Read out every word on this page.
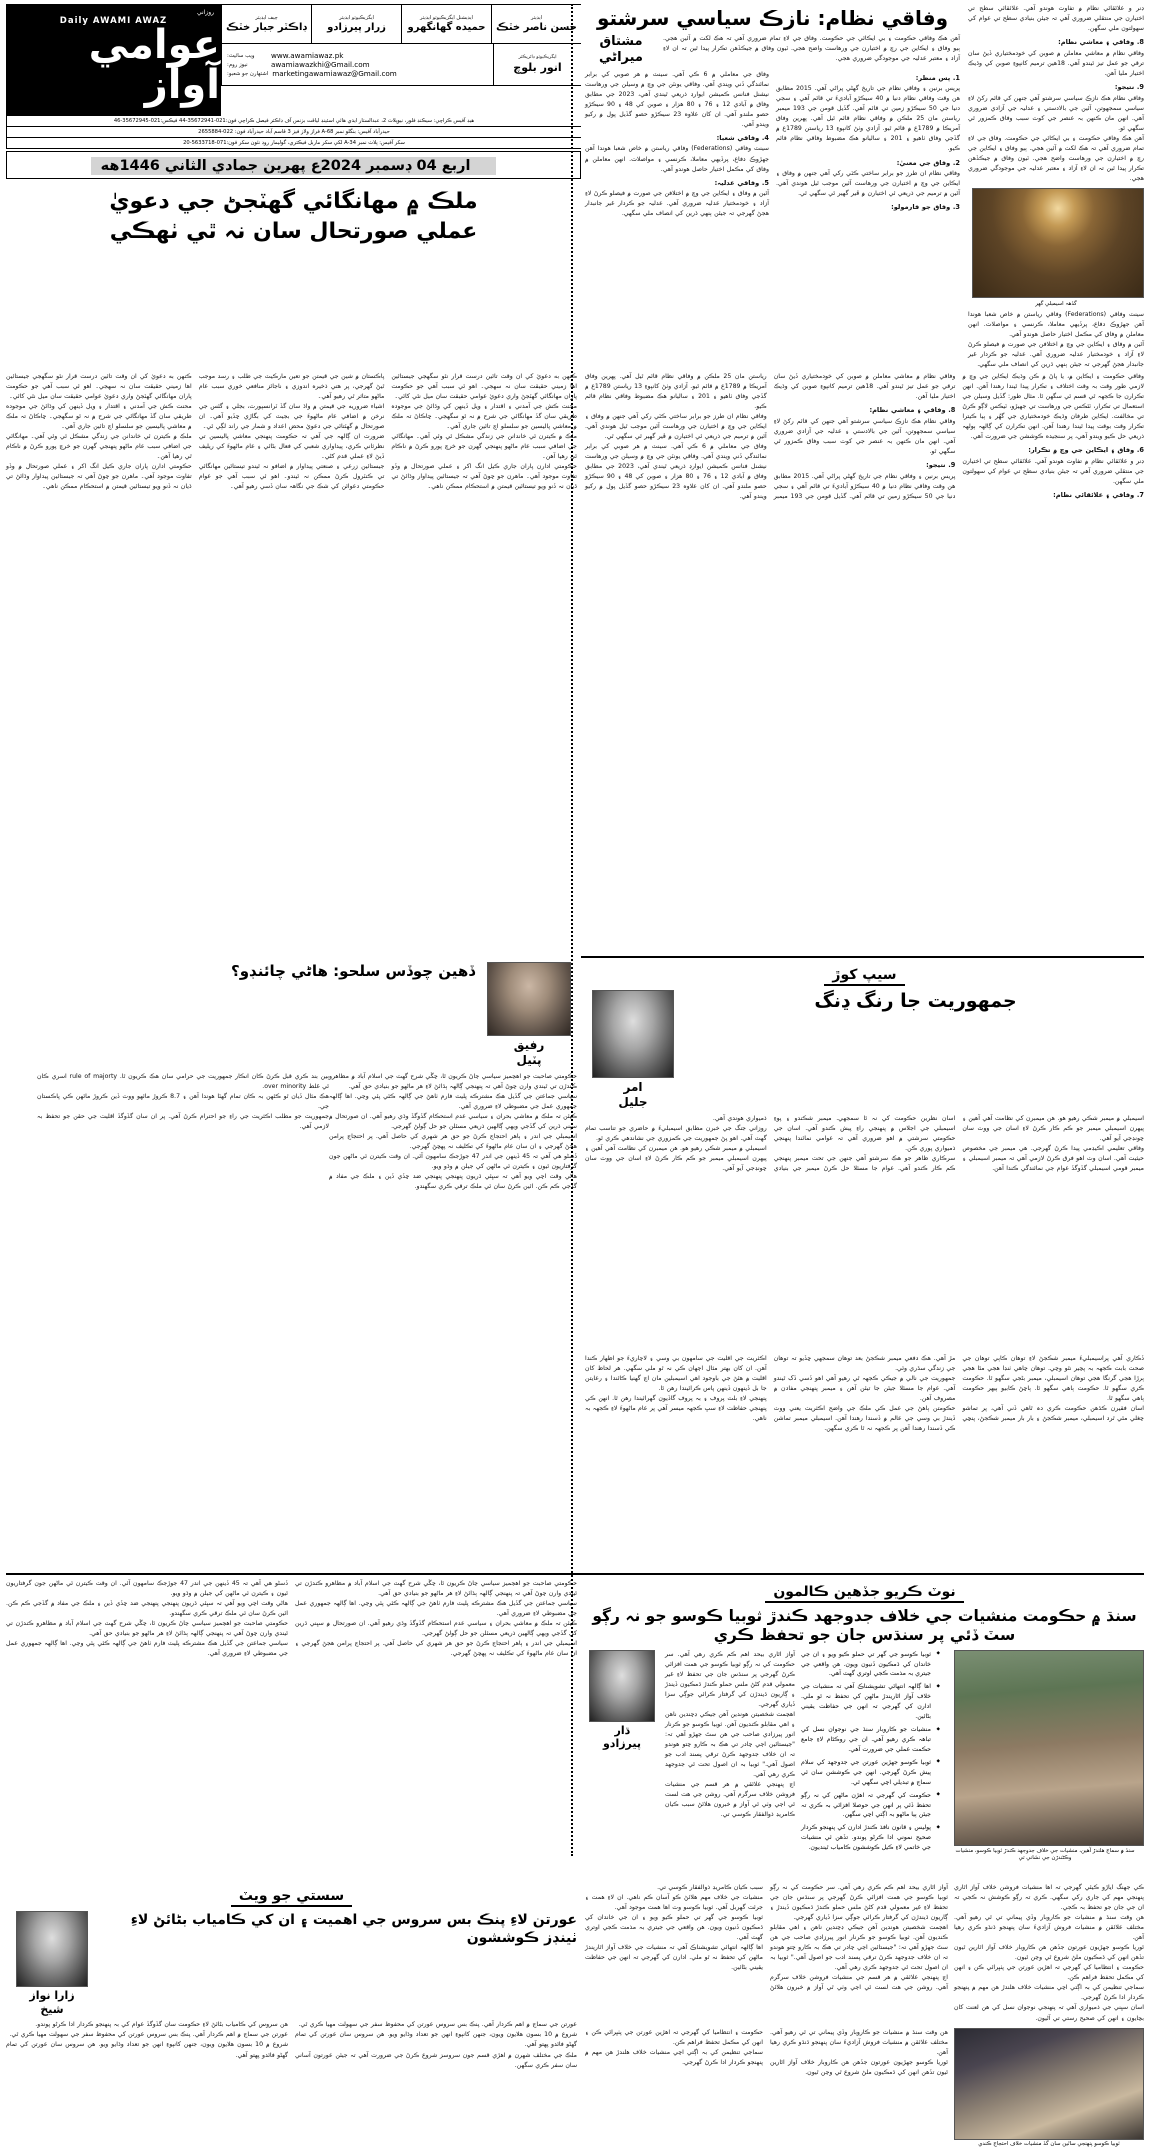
ڊنر و علائقائي نظام ۾ تفاوت هوندو آهي. علائقائي سطح تي اختيارن جي منتقلي ضروري آهي تہ جيئن بنيادي سطح تي عوام کي سهولتون ملي سگهن.
8. وفاقي ۽ معاشي نظام:
وفاقي نظام ۾ معاشي معاملن ۾ صوبن کي خودمختياري ڏيڻ سان ترقي جو عمل تيز ٿيندو آهي. 18هين ترميم کانپوءِ صوبن کي وڌيڪ اختيار مليا آهن.
9. نتيجو:
وفاقي نظام هڪ نازڪ سياسي سرشتو آهي جنهن کي قائم رکڻ لاءِ سياسي سمجهوتن، آئين جي بالادستي ۽ عدليہ جي آزادي ضروري آهي. انهن مان ڪنهن بہ عنصر جي کوٽ سبب وفاق ڪمزور ٿي سگهي ٿو.
آهن هڪ وفاقي حڪومت ۽ بي ايڪائي جي حڪومت. وفاق جي لاءِ تمام ضروري آهي تہ هڪ لکت ۾ آئين هجي. ٻيو وفاق ۽ ايڪاين جي رچ ۾ اختيارن جي ورهاست واضح هجي. ٽيون وفاق ۾ جيڪڏهن تڪرار پيدا ٿين تہ ان لاءِ آزاد ۽ معتبر عدليہ جي موجودگي ضروري هجي.
گڏهہ اسيمبلي گهر
سينٽ وفاقي (Federations) وفاقي رياستن ۾ خاص شعبا هوندا آهن جهڙوڪ دفاع، پرڏيهي معاملا، ڪرنسي ۽ مواصلات. انهن معاملن ۾ وفاق کي مڪمل اختيار حاصل هوندو آهي.
آئين ۾ وفاق ۽ ايڪاين جي وچ ۾ اختلافن جي صورت ۾ فيصلو ڪرڻ لاءِ آزاد ۽ خودمختيار عدليہ ضروري آهي. عدليہ جو ڪردار غير جانبدار هجڻ گهرجي تہ جيئن ٻنهي ڌرين کي انصاف ملي سگهي.
وفاقي نظام: نازڪ سياسي سرشتو
آهن هڪ وفاقي حڪومت ۽ بي ايڪائي جي حڪومت. وفاق جي لاءِ تمام ضروري آهي تہ هڪ لکت ۾ آئين هجي. ٻيو وفاق ۽ ايڪاين جي رچ ۾ اختيارن جي ورهاست واضح هجي. ٽيون وفاق ۾ جيڪڏهن تڪرار پيدا ٿين تہ ان لاءِ آزاد ۽ معتبر عدليہ جي موجودگي ضروري هجي.
مشتاق
ميراڻي
1. پس منظر:
پريس برنين ۽ وفاقي نظام جي تاريخ گهڻي پراڻي آهي. 2015 مطابق هن وقت وفاقي نظام دنيا ۾ 40 سيڪڙو آباديءَ تي قائم آهي ۽ سجي دنيا جي 50 سيڪڙو زمين تي قائم آهي. گڏيل قومن جي 193 ميمبر رياستن مان 25 ملڪن ۾ وفاقي نظام قائم ٿيل آهي. پهرين وفاق آمريڪا ۾ 1789ع ۾ قائم ٿيو. آزادي وٺڻ کانپوءِ 13 رياستن 1789ع ۾ گڏجي وفاق ٺاهيو ۽ 201 ۽ ساليانو هڪ مضبوط وفاقي نظام قائم ڪيو.
2. وفاق جي معنيٰ:
وفاقي نظام ان طرز جو برابر ساختي ڪٽي رکي آهي جنهن ۾ وفاق ۽ ايڪاين جي وچ ۾ اختيارن جي ورهاست آئين موجب ٿيل هوندي آهي. آئين ۾ ترميم جي ذريعي ئي اختيارن ۾ ڦير گهير ٿي سگهي ٿي.
3. وفاق جو فارمولو:
وفاق جي معاملي ۾ 6 ڪي آهي. سينٽ ۾ هر صوبي کي برابر نمائندگي ڏني ويندي آهي. وفاقي يونٽن جي وچ ۾ وسيلن جي ورهاست نيشنل فنانس ڪميشن ايوارڊ ذريعي ٿيندي آهي، 2023 جي مطابق وفاق ۾ آبادي 12 ۽ 76 ۽ 80 هزار ۽ صوبن کي 48 ۽ 90 سيڪڙو حصو ملندو آهي. ان کان علاوه 23 سيڪڙو حصو گڏيل پول ۾ رکيو ويندو آهي.
4. وفاقي شعبا:
سينٽ وفاقي (Federations) وفاقي رياستن ۾ خاص شعبا هوندا آهن جهڙوڪ دفاع، پرڏيهي معاملا، ڪرنسي ۽ مواصلات. انهن معاملن ۾ وفاق کي مڪمل اختيار حاصل هوندو آهي.
5. وفاقي عدليہ:
آئين ۾ وفاق ۽ ايڪاين جي وچ ۾ اختلافن جي صورت ۾ فيصلو ڪرڻ لاءِ آزاد ۽ خودمختيار عدليہ ضروري آهي. عدليہ جو ڪردار غير جانبدار هجڻ گهرجي تہ جيئن ٻنهي ڌرين کي انصاف ملي سگهي.
ايڊيٽر
حسن ناصر خٽڪ
ايڊيشنل ايگزيڪيوٽو ايڊيٽر
حميده گهانگهرو
ايگزيڪيوٽو ايڊيٽر
زرار پيرزادو
چيف ايڊيٽر
ڊاڪٽر جبار خٽڪ
ايگزيڪيوٽو ڊائريڪٽر
انور بلوچ
ويب سائيٽ:	www.awamiawaz.pk
نيوز روم:	awamiawazkhi@Gmail.com
اشتهارن جو شعبو: marketingawamiawaz@Gmail.com
روزاني
Daily AWAMI AWAZ
عوامي آواز
هيڊ آفيس ڪراچي: سيڪنڊ فلور، نيوپلاٽ 2، عبدالستار ايڌي هائي اسٽينڊ لياقت بزنس آف ڊاڪٽر فيصل ڪراچي فون:021-35672941-44 فيڪس:021-35672945-46
حيدرآباد آفيس: بنگلو نمبر A-68 فراز ولاز فيز 3 قاسم آباد حيدرآباد فون: 022-2655884
سکر آفيس: پلاٽ نمبر A-34 لکي سکر ماربل فيڪٽري، گوليمار روڊ نئون سکر فون:071-5633718-20
اربع 04 ڊسمبر 2024ع پهرين جمادي الثاني 1446هه
ملڪ ۾ مهانگائي گهٽجڻ جي دعويٰ
عملي صورتحال سان نہ ٿي ٺهڪي
وفاقي حڪومت ۽ ايڪاين ۾، يا پاڻ ۾ ڪن وڌيڪ ايڪاين جي وچ ۾ لازمي طور وقت بہ وقت اختلاف ۽ تڪرار پيدا ٿيندا رهندا آهن. انهن تڪرارن جا ڪجهہ ٿي قسم ٿي سگهن ٿا. مثال طور: گڏيل وسيلن جي استعمال تي تڪرار، ٽئڪس جي ورهاست تي جهيڙو، ٽيڪس لاڳو ڪرڻ تي مخالفت. ايڪاين طرفان وڌيڪ خودمختياري جي گهُر ۽ ٻيا ڪيترا تڪرار وقت بوقت پيدا ٿيندا رهندا آهن. انهن تڪرارن کي ڳالهہ ٻولهہ ذريعي حل ڪيو ويندو آهي، پر سنجيده ڪوششن جي ضرورت آهي.
6. وفاق ۽ ايڪاين جي وچ ۾ تڪرار:
ڊنر و علائقائي نظام ۾ تفاوت هوندو آهي. علائقائي سطح تي اختيارن جي منتقلي ضروري آهي تہ جيئن بنيادي سطح تي عوام کي سهولتون ملي سگهن.
7. وفاقي ۽ علائقائي نظام:
وفاقي نظام ۾ معاشي معاملن ۾ صوبن کي خودمختياري ڏيڻ سان ترقي جو عمل تيز ٿيندو آهي. 18هين ترميم کانپوءِ صوبن کي وڌيڪ اختيار مليا آهن.
8. وفاقي ۽ معاشي نظام:
وفاقي نظام هڪ نازڪ سياسي سرشتو آهي جنهن کي قائم رکڻ لاءِ سياسي سمجهوتن، آئين جي بالادستي ۽ عدليہ جي آزادي ضروري آهي. انهن مان ڪنهن بہ عنصر جي کوٽ سبب وفاق ڪمزور ٿي سگهي ٿو.
9. نتيجو:
پريس برنين ۽ وفاقي نظام جي تاريخ گهڻي پراڻي آهي. 2015 مطابق هن وقت وفاقي نظام دنيا ۾ 40 سيڪڙو آباديءَ تي قائم آهي ۽ سجي دنيا جي 50 سيڪڙو زمين تي قائم آهي. گڏيل قومن جي 193 ميمبر رياستن مان 25 ملڪن ۾ وفاقي نظام قائم ٿيل آهي. پهرين وفاق آمريڪا ۾ 1789ع ۾ قائم ٿيو. آزادي وٺڻ کانپوءِ 13 رياستن 1789ع ۾ گڏجي وفاق ٺاهيو ۽ 201 ۽ ساليانو هڪ مضبوط وفاقي نظام قائم ڪيو.
وفاقي نظام ان طرز جو برابر ساختي ڪٽي رکي آهي جنهن ۾ وفاق ۽ ايڪاين جي وچ ۾ اختيارن جي ورهاست آئين موجب ٿيل هوندي آهي. آئين ۾ ترميم جي ذريعي ئي اختيارن ۾ ڦير گهير ٿي سگهي ٿي.
وفاق جي معاملي ۾ 6 ڪي آهي. سينٽ ۾ هر صوبي کي برابر نمائندگي ڏني ويندي آهي. وفاقي يونٽن جي وچ ۾ وسيلن جي ورهاست نيشنل فنانس ڪميشن ايوارڊ ذريعي ٿيندي آهي، 2023 جي مطابق وفاق ۾ آبادي 12 ۽ 76 ۽ 80 هزار ۽ صوبن کي 48 ۽ 90 سيڪڙو حصو ملندو آهي. ان کان علاوه 23 سيڪڙو حصو گڏيل پول ۾ رکيو ويندو آهي.
ڪنهن به دعويٰ کي ان وقت تائين درست قرار نٿو سگهجي جيستائين اها زميني حقيقت سان نہ سهجي۔ اهو ئي سبب آهي جو حڪومت پاران مهانگائي گهٽجڻ واري دعويٰ عوامي حقيقت سان ميل نٿي کائي۔
محنت ڪش جي آمدني ۽ اقتدار ۽ ويل ڏينهن کي وڌائڻ جي موجوده طريقي سان گڏ مهانگائي جي شرح ۾ نہ ٿو سگهجي۔ ڇاڪاڻ تہ ملڪ ۾ معاشي پاليسين جو سلسلو اڄ تائين جاري آهي۔
ملڪ ۾ ڪيترن ئي خاندانن جي زندگي مشڪل ٿي وئي آهي۔ مهانگائي جي اضافي سبب عام ماڻهو پنهنجي گهرن جو خرچ پورو ڪرڻ ۾ ناڪام ٿي رهيا آهن۔
حڪومتي ادارن پاران جاري ڪيل انگ اکر ۽ عملي صورتحال ۾ وڏو تفاوت موجود آهي۔ ماهرن جو چوڻ آهي تہ جيستائين پيداوار وڌائڻ تي ڌيان نہ ڏنو ويو تيستائين قيمتن ۾ استحڪام ممڪن ناهي۔
پاڪستان ۾ شين جي قيمتن جو تعين مارڪيٽ جي طلب ۽ رسد موجب ٿيڻ گهرجي، پر هتي ذخيره اندوزي ۽ ناجائز منافعي خوري سبب عام ماڻهو متاثر ٿي رهيو آهي۔
اشياء ضروريه جي قيمتن ۾ واڌ سان گڏ ٽرانسپورٽ، بجلي ۽ گئس جي نرخن ۾ اضافي عام ماڻهوءَ جي بجيٽ کي بگاڙي ڇڏيو آهي۔ ان صورتحال ۾ گهٽتائي جي دعويٰ محض اعداد و شمار جي راند لڳي ٿي۔
ضرورت ان ڳالهہ جي آهي تہ حڪومت پنهنجي معاشي پاليسين تي نظرثاني ڪري، پيداواري شعبي کي فعال بڻائي ۽ عام ماڻهوءَ کي ريليف ڏيڻ لاءِ عملي قدم کڻي۔
جيستائين زرعي ۽ صنعتي پيداوار ۾ اضافو نہ ٿيندو تيستائين مهانگائي تي ڪنٽرول ڪرڻ ممڪن نہ ٿيندو۔ اهو ئي سبب آهي جو عوام حڪومتي دعوائن کي شڪ جي نگاهہ سان ڏسي رهيو آهي۔
ڪنهن به دعويٰ کي ان وقت تائين درست قرار نٿو سگهجي جيستائين اها زميني حقيقت سان نہ سهجي۔ اهو ئي سبب آهي جو حڪومت پاران مهانگائي گهٽجڻ واري دعويٰ عوامي حقيقت سان ميل نٿي کائي۔
محنت ڪش جي آمدني ۽ اقتدار ۽ ويل ڏينهن کي وڌائڻ جي موجوده طريقي سان گڏ مهانگائي جي شرح ۾ نہ ٿو سگهجي۔ ڇاڪاڻ تہ ملڪ ۾ معاشي پاليسين جو سلسلو اڄ تائين جاري آهي۔
ملڪ ۾ ڪيترن ئي خاندانن جي زندگي مشڪل ٿي وئي آهي۔ مهانگائي جي اضافي سبب عام ماڻهو پنهنجي گهرن جو خرچ پورو ڪرڻ ۾ ناڪام ٿي رهيا آهن۔
حڪومتي ادارن پاران جاري ڪيل انگ اکر ۽ عملي صورتحال ۾ وڏو تفاوت موجود آهي۔ ماهرن جو چوڻ آهي تہ جيستائين پيداوار وڌائڻ تي ڌيان نہ ڏنو ويو تيستائين قيمتن ۾ استحڪام ممڪن ناهي۔
سيپ کوڙ
جمهوريت جا رنگ ڍنگ
امر
جليل
اسيمبلي ۾ ميمبر شڪي رهيو هو. هن ميمبرن کي نظامت آهي آهين ۽ پيهرن اسيمبلي ميمبر جو ڪم ڪار ڪرڻ لاءِ اسان جي ووٽ سان چونڊجي آيو آهي.
وفاقي تعليمي اڪيڊمي پيدا ڪرڻ گهرجي. هي ميمبر جي مخصوص حيثيت آهي. اسان وٽ اهو فرق ڪرڻ لازمي آهي تہ ميمبر اسيمبلي ۽ ميمبر قومي اسيمبلي گڏوگڏ عوام جي نمائندگي ڪندا آهن.
اسان نظرين حڪومت کي نہ ٿا سمجهي. ميمبر شڪندو ۽ پوءِ اسيمبلي جي اجلاس ۾ پنهنجي راءِ پيش ڪندو آهي. اسان جي حڪومتي سرشتي ۾ اهو ضروري آهي تہ عوامي نمائندا پنهنجي ذميواري پوري ڪن.
سرڪاري ظاهر جو هڪ سرشتو آهي جنهن جي تحت ميمبر پنهنجي ڪم ڪار ڪندو آهي. عوام جا مسئلا حل ڪرڻ ميمبر جي بنيادي ذميواري هوندي آهي.
روزاني جنگ جي خبرن مطابق اسيمبليءَ ۾ حاضري جو تناسب تمام گهٽ آهي. اهو پڻ جمهوريت جي ڪمزوري جي نشاندهي ڪري ٿو.
اسيمبلي ۾ ميمبر شڪي رهيو هو. هن ميمبرن کي نظامت آهي آهين ۽ پيهرن اسيمبلي ميمبر جو ڪم ڪار ڪرڻ لاءِ اسان جي ووٽ سان چونڊجي آيو آهي.
رفيق
پٽيل
ڏهين چوڏس سلحو: هاڻي چائنڊو؟
حڪومتي صاحبت جو اهڄميز سياسي ڄاڻ ڪريون ٿا، چڱي شرح گهٽ جي اسلام آباد ۾ مظاهرو ڪندڙن تي ٿيندي وارن چوڻ آهي تہ پنهنجي ڳالهہ ٻڌائڻ لاءِ هر ماڻهو جو بنيادي حق آهي.
سياسي جماعتن جي گڏيل هڪ مشترڪه پليٽ فارم ٺاهڻ جي ڳالهہ ڪئي پئي وڃي. اها ڳالهہ جمهوري عمل جي مضبوطي لاءِ ضروري آهي.
ڪيئن تہ ملڪ ۾ معاشي بحران ۽ سياسي عدم استحڪام گڏوگڏ وڌي رهيو آهي. ان صورتحال ۾ سڀني ڌرين کي گڏجي ويهي ڳالهين ذريعي مسئلن جو حل ڳولڻ گهرجي.
اسيمبلي جي اندر ۽ ٻاهر احتجاج ڪرڻ جو حق هر شهري کي حاصل آهي. پر احتجاج پرامن هجڻ گهرجي ۽ ان سان عام ماڻهوءَ کي تڪليف نہ پهچڻ گهرجي.
ڏسڻو هي آهي تہ 45 ڏينهن جي اندر 47 جوڙجڪ سامهون آئي. ان وقت ڪيترن ئي ماڻهن جون گرفتاريون ٿيون ۽ ڪيترن ئي ماڻهن کي جيلن ۾ وڌو ويو.
هاڻي وقت اچي ويو آهي تہ سڀئي ڌريون پنهنجي پنهنجي ضد ڇڏي ڏين ۽ ملڪ جي مفاد ۾ گڏجي ڪم ڪن. ائين ڪرڻ سان ئي ملڪ ترقي ڪري سگهندو.
ٻين بند ڪري قبل ڪرڻ ڪان انڪار جمهوريت جي حرامي سان هڪ ڪريون ٿا. rule of majorty اسري ڪان ٿي غلط over minority.
هڪ مثال ڏيان ٿو ڪٿهن بہ ڪان تمام گهٽا هوندا آهن ۽ 8.7 ڪروڙ مائهو ووٽ ڏين ڪروڙ مائهن ڪي پاڪستان جي.
جمهوريت جو مطلب اڪثريت جي راءِ جو احترام ڪرڻ آهي. پر ان سان گڏوگڏ اقليت جي حقن جو تحفظ بہ لازمي آهي.
ڏڪاري آهي پراسيمبليءَ ميمبر شڪجڻ لاءِ توهان ڪاٻي توهان جي صحت بابت ڪجهہ بہ پچير نٿو وچي. توهان چاهي ٺنڊا هجي مٿا هجي ٻرڙا هجي گرنگا هجي توهان اسيمبلي، ميمبر بڻجي سگهو ٿا. حڪومت ڪري سگهو ٿا. حڪومت ٻاهي سگهو ٿا. ٻاڇڻ ڪابيو ٻيهر حڪومت ٻاهي سگهو ٿا.
اسان فقيرن ڪڌهن حڪومت ڪري دہ ٿاهي ڏني آهي، پر تماشو چغلي مٿي ٿرد اسيمبلي، ميمبر شڪجڻ ۽ بار بار ميمبر شڪجڻ، پنڇي مڙ آهي. هڪ دفعي ميمبر شڪجڻ بعد توهان سمجهي ڇڏيو تہ توهان جي زندگي سڌري وئي.
جمهوريت جي نالي ۾ جيڪي ڪجهہ ٿي رهيو آهي اهو ڏسي ڏک ٿيندو آهي. عوام جا مسئلا جيئن جا تيئن آهن ۽ ميمبر پنهنجي مفادن ۾ مصروف آهن.
حڪومتن ٻاهڻ جي عمل ڪي ملڪ جي واضح اڪثريت يعني ووٽ ڏيندڙ بي وسي جي عالم ۾ ڏسندا رهندا آهن. اسيمبلي ميمبر تماشن ڪي ڏسندا رهندا آهن پر ڪجهہ نہ ٿا ڪري سگهن.
اڪثريت جي اقليت جي سامهون بي وسي ۽ لاچاريءَ جو اظهار ڪندا آهن. ان کان بهتر مثال اڄهان ڪي نہ ٿو ملي سگهي. هر لحاظ کان اقليت ۾ هئڻ جي باوجود اهي اسيمبلين مان اڄ گهنيا ڪائندا ۽ رعايتن جا بل ڏينهون ڏينهن پاس ڪرائيندا رهن ٿا.
پنهنجي لاءِ بلٽ پروف ۽ بہ پروف گاڏيون گهرائيندا رهن ٿا. انهن ڪي پنهنجي حفاظت لاءِ سڀ ڪجهہ ميسر آهي پر عام ماڻهوءَ لاءِ ڪجهہ بہ ناهي.
نوٽ ڪريو جڏهين ڪالمون
سنڌ ۾ حڪومت منشيات جي خلاف جدوجهد ڪندڙ ثوبيا ڪوسو جو نہ رڳو سٽ ڏئي پر سنڌس جان جو تحفظ ڪري
سنڌ ۾ سماج هلندڙ آهين، منشيات جي خلاف جدوجهد ڪندڙ ثوبيا ڪوسو، منشيات وڪڻندڙن جي نشاني تي
◆ ثوبيا ڪوسو جي گهر تي حملو ڪيو ويو ۽ ان جي خاندان کي ڌمڪيون ڏنيون ويون. هن واقعي جي جيتري بہ مذمت ڪجي اوتري گهٽ آهي.
◆ اها ڳالهہ انتهائي تشويشناڪ آهي تہ منشيات جي خلاف آواز اٿاريندڙ ماڻهن کي تحفظ نہ ٿو ملي. ادارن کي گهرجي تہ انهن جي حفاظت يقيني بڻائين.
◆ منشيات جو ڪاروبار سنڌ جي نوجوان نسل کي تباهہ ڪري رهيو آهي. ان جي روڪٿام لاءِ جامع حڪمت عملي جي ضرورت آهي.
◆ ثوبيا ڪوسو جهڙين عورتن جي جدوجهد کي سلام پيش ڪرڻ گهرجي. انهن جي ڪوششن سان ئي سماج ۾ تبديلي اچي سگهي ٿي.
◆ حڪومت کي گهرجي تہ اهڙن ماڻهن کي نہ رڳو تحفظ ڏئي پر انهن جي حوصلا افزائي بہ ڪري تہ جيئن ٻيا ماڻهو بہ اڳتي اچي سگهن.
◆ پوليس ۽ قانون نافذ ڪندڙ ادارن کي پنهنجو ڪردار صحيح نموني ادا ڪرڻو پوندو. تڏهن ئي منشيات جي خاتمي لاءِ ڪيل ڪوششون ڪامياب ٿينديون.
آواز اٿاري بيحد اهم ڪم ڪري رهي آهي. سر حڪومت کي نہ رڳو ثوبيا ڪوسو جي همت افزائي ڪرڻ گهرجي پر سنڌس جان جي تحفظ لاءِ غير معمولي قدم کڻڻ ملس حملو ڪندڙ ڌمڪيون ڏيندڙ ۽ ڳاريون ڌيندڙن کي گرفتار ڪرائي جوڳي سزا ڏياري گهرجي.
اهڄمت شخصيتن هوندين آهن جيڪي ڊچندين ناهن ۽ اهي مقابلو ڪنديون آهن. ثوبيا ڪوسو جو ڪرنار انور پيرزادي صاحب جي هن ستَ جهڙو آهي تہ: "جيستائين اڄي چادر تي هڪ بہ ڪارو چتو هوندو تہ ان خلاف جدوجهد ڪرڻ ترقي پسند ادب جو اصول آهي." ثوبيا بہ ان اصول تحت ٿي جدوجهد ڪري رهي آهي.
اڄ پنهنجي علائقي ۾ هر قسم جي منشيات فروشن خلاف سرگرم آهي. روشن جي هت لست ٿي اڄي وٺي ٿي آواز ۾ خبرون هلائڻ سبب ڪيان ڪامريڊ ذوالفقار ڪوسي تي.
ڌار
پيرزادو
حڪومتي صاحبت جو اهڄميز سياسي ڄاڻ ڪريون ٿا، چڱي شرح گهٽ جي اسلام آباد ۾ مظاهرو ڪندڙن تي ٿيندي وارن چوڻ آهي تہ پنهنجي ڳالهہ ٻڌائڻ لاءِ هر ماڻهو جو بنيادي حق آهي.
سياسي جماعتن جي گڏيل هڪ مشترڪه پليٽ فارم ٺاهڻ جي ڳالهہ ڪئي پئي وڃي. اها ڳالهہ جمهوري عمل جي مضبوطي لاءِ ضروري آهي.
ڪيئن تہ ملڪ ۾ معاشي بحران ۽ سياسي عدم استحڪام گڏوگڏ وڌي رهيو آهي. ان صورتحال ۾ سڀني ڌرين کي گڏجي ويهي ڳالهين ذريعي مسئلن جو حل ڳولڻ گهرجي.
اسيمبلي جي اندر ۽ ٻاهر احتجاج ڪرڻ جو حق هر شهري کي حاصل آهي. پر احتجاج پرامن هجڻ گهرجي ۽ ان سان عام ماڻهوءَ کي تڪليف نہ پهچڻ گهرجي.
ڏسڻو هي آهي تہ 45 ڏينهن جي اندر 47 جوڙجڪ سامهون آئي. ان وقت ڪيترن ئي ماڻهن جون گرفتاريون ٿيون ۽ ڪيترن ئي ماڻهن کي جيلن ۾ وڌو ويو.
هاڻي وقت اچي ويو آهي تہ سڀئي ڌريون پنهنجي پنهنجي ضد ڇڏي ڏين ۽ ملڪ جي مفاد ۾ گڏجي ڪم ڪن. ائين ڪرڻ سان ئي ملڪ ترقي ڪري سگهندو.
حڪومتي صاحبت جو اهڄميز سياسي ڄاڻ ڪريون ٿا، چڱي شرح گهٽ جي اسلام آباد ۾ مظاهرو ڪندڙن تي ٿيندي وارن چوڻ آهي تہ پنهنجي ڳالهہ ٻڌائڻ لاءِ هر ماڻهو جو بنيادي حق آهي.
سياسي جماعتن جي گڏيل هڪ مشترڪه پليٽ فارم ٺاهڻ جي ڳالهہ ڪئي پئي وڃي. اها ڳالهہ جمهوري عمل جي مضبوطي لاءِ ضروري آهي.
ڪي جهنگ اياڙو ڪيئي گهرجي تہ اها منشيات فروشن خلاف آواز اٿاري پنهنجي مهم کي جاري رکي سگهي. ڪري تہ رڳو ڪوشش نہ ڪجي تہ ان جي جان جو تحفظ بہ ڪجي.
هن وقت سنڌ ۾ منشيات جو ڪاروبار وڏي پيماني تي ٿي رهيو آهي. مختلف علائقن ۾ منشيات فروش آزاديءَ سان پنهنجو ڌنڌو ڪري رهيا آهن.
ٿوريا ڪوسو جهڙيون عورتون جڏهن هن ڪاروبار خلاف آواز اٿارين ٿيون تڏهن انهن کي ڌمڪيون ملڻ شروع ٿي وڃن ٿيون.
حڪومت ۽ انتظاميا کي گهرجي تہ اهڙين عورتن جي پٺڀرائي ڪن ۽ انهن کي مڪمل تحفظ فراهم ڪن.
سماجي تنظيمن کي بہ اڳتي اچي منشيات خلاف هلندڙ هن مهم ۾ پنهنجو ڪردار ادا ڪرڻ گهرجي.
اسان سڀني جي ذميواري آهي تہ پنهنجي نوجوان نسل کي هن لعنت کان بچايون ۽ انهن کي صحيح رستي تي آڻيون.
آواز اٿاري بيحد اهم ڪم ڪري رهي آهي. سر حڪومت کي نہ رڳو ثوبيا ڪوسو جي همت افزائي ڪرڻ گهرجي پر سنڌس جان جي تحفظ لاءِ غير معمولي قدم کڻڻ ملس حملو ڪندڙ ڌمڪيون ڏيندڙ ۽ ڳاريون ڌيندڙن کي گرفتار ڪرائي جوڳي سزا ڏياري گهرجي.
اهڄمت شخصيتن هوندين آهن جيڪي ڊچندين ناهن ۽ اهي مقابلو ڪنديون آهن. ثوبيا ڪوسو جو ڪرنار انور پيرزادي صاحب جي هن ستَ جهڙو آهي تہ: "جيستائين اڄي چادر تي هڪ بہ ڪارو چتو هوندو تہ ان خلاف جدوجهد ڪرڻ ترقي پسند ادب جو اصول آهي." ثوبيا بہ ان اصول تحت ٿي جدوجهد ڪري رهي آهي.
اڄ پنهنجي علائقي ۾ هر قسم جي منشيات فروشن خلاف سرگرم آهي. روشن جي هت لست ٿي اڄي وٺي ٿي آواز ۾ خبرون هلائڻ سبب ڪيان ڪامريڊ ذوالفقار ڪوسي تي.
منشيات جي خلاف مهم هلائڻ ڪو آسان ڪم ناهي. ان لاءِ همت ۽ جرئت گهربل آهي. ثوبيا ڪوسو وٽ اها همت موجود آهي.
ثوبيا ڪوسو جي گهر تي حملو ڪيو ويو ۽ ان جي خاندان کي ڌمڪيون ڏنيون ويون. هن واقعي جي جيتري بہ مذمت ڪجي اوتري گهٽ آهي.
اها ڳالهہ انتهائي تشويشناڪ آهي تہ منشيات جي خلاف آواز اٿاريندڙ ماڻهن کي تحفظ نہ ٿو ملي. ادارن کي گهرجي تہ انهن جي حفاظت يقيني بڻائين.
ثوبيا ڪوسو پنهنجي ساٿين سان گڏ منشيات خلاف احتجاج ڪندي
هن وقت سنڌ ۾ منشيات جو ڪاروبار وڏي پيماني تي ٿي رهيو آهي. مختلف علائقن ۾ منشيات فروش آزاديءَ سان پنهنجو ڌنڌو ڪري رهيا آهن.
ٿوريا ڪوسو جهڙيون عورتون جڏهن هن ڪاروبار خلاف آواز اٿارين ٿيون تڏهن انهن کي ڌمڪيون ملڻ شروع ٿي وڃن ٿيون.
حڪومت ۽ انتظاميا کي گهرجي تہ اهڙين عورتن جي پٺڀرائي ڪن ۽ انهن کي مڪمل تحفظ فراهم ڪن.
سماجي تنظيمن کي بہ اڳتي اچي منشيات خلاف هلندڙ هن مهم ۾ پنهنجو ڪردار ادا ڪرڻ گهرجي.
سستي جو ويٽ
عورتن لاءِ پنڪ بس سروس جي اهميت ۽ ان کي ڪامياب بڻائڻ لاءِ ٺينڊز ڪوششون
زارا نواز
شيخ
عورتن جي سماج ۾ اهم ڪردار آهي. پنڪ بس سروس عورتن کي محفوظ سفر جي سهولت مهيا ڪري ٿي.
شروع ۾ 10 بسون هلايون ويون، جنهن کانپوءِ انهن جو تعداد وڌايو ويو. هن سروس سان عورتن کي تمام گهڻو فائدو پهتو آهي.
ملڪ جي مختلف شهرن ۾ اهڙي قسم جون سروسز شروع ڪرڻ جي ضرورت آهي تہ جيئن عورتون آساني سان سفر ڪري سگهن.
هن سروس کي ڪامياب بڻائڻ لاءِ حڪومت سان گڏوگڏ عوام کي بہ پنهنجو ڪردار ادا ڪرڻو پوندو.
عورتن جي سماج ۾ اهم ڪردار آهي. پنڪ بس سروس عورتن کي محفوظ سفر جي سهولت مهيا ڪري ٿي.
شروع ۾ 10 بسون هلايون ويون، جنهن کانپوءِ انهن جو تعداد وڌايو ويو. هن سروس سان عورتن کي تمام گهڻو فائدو پهتو آهي.
